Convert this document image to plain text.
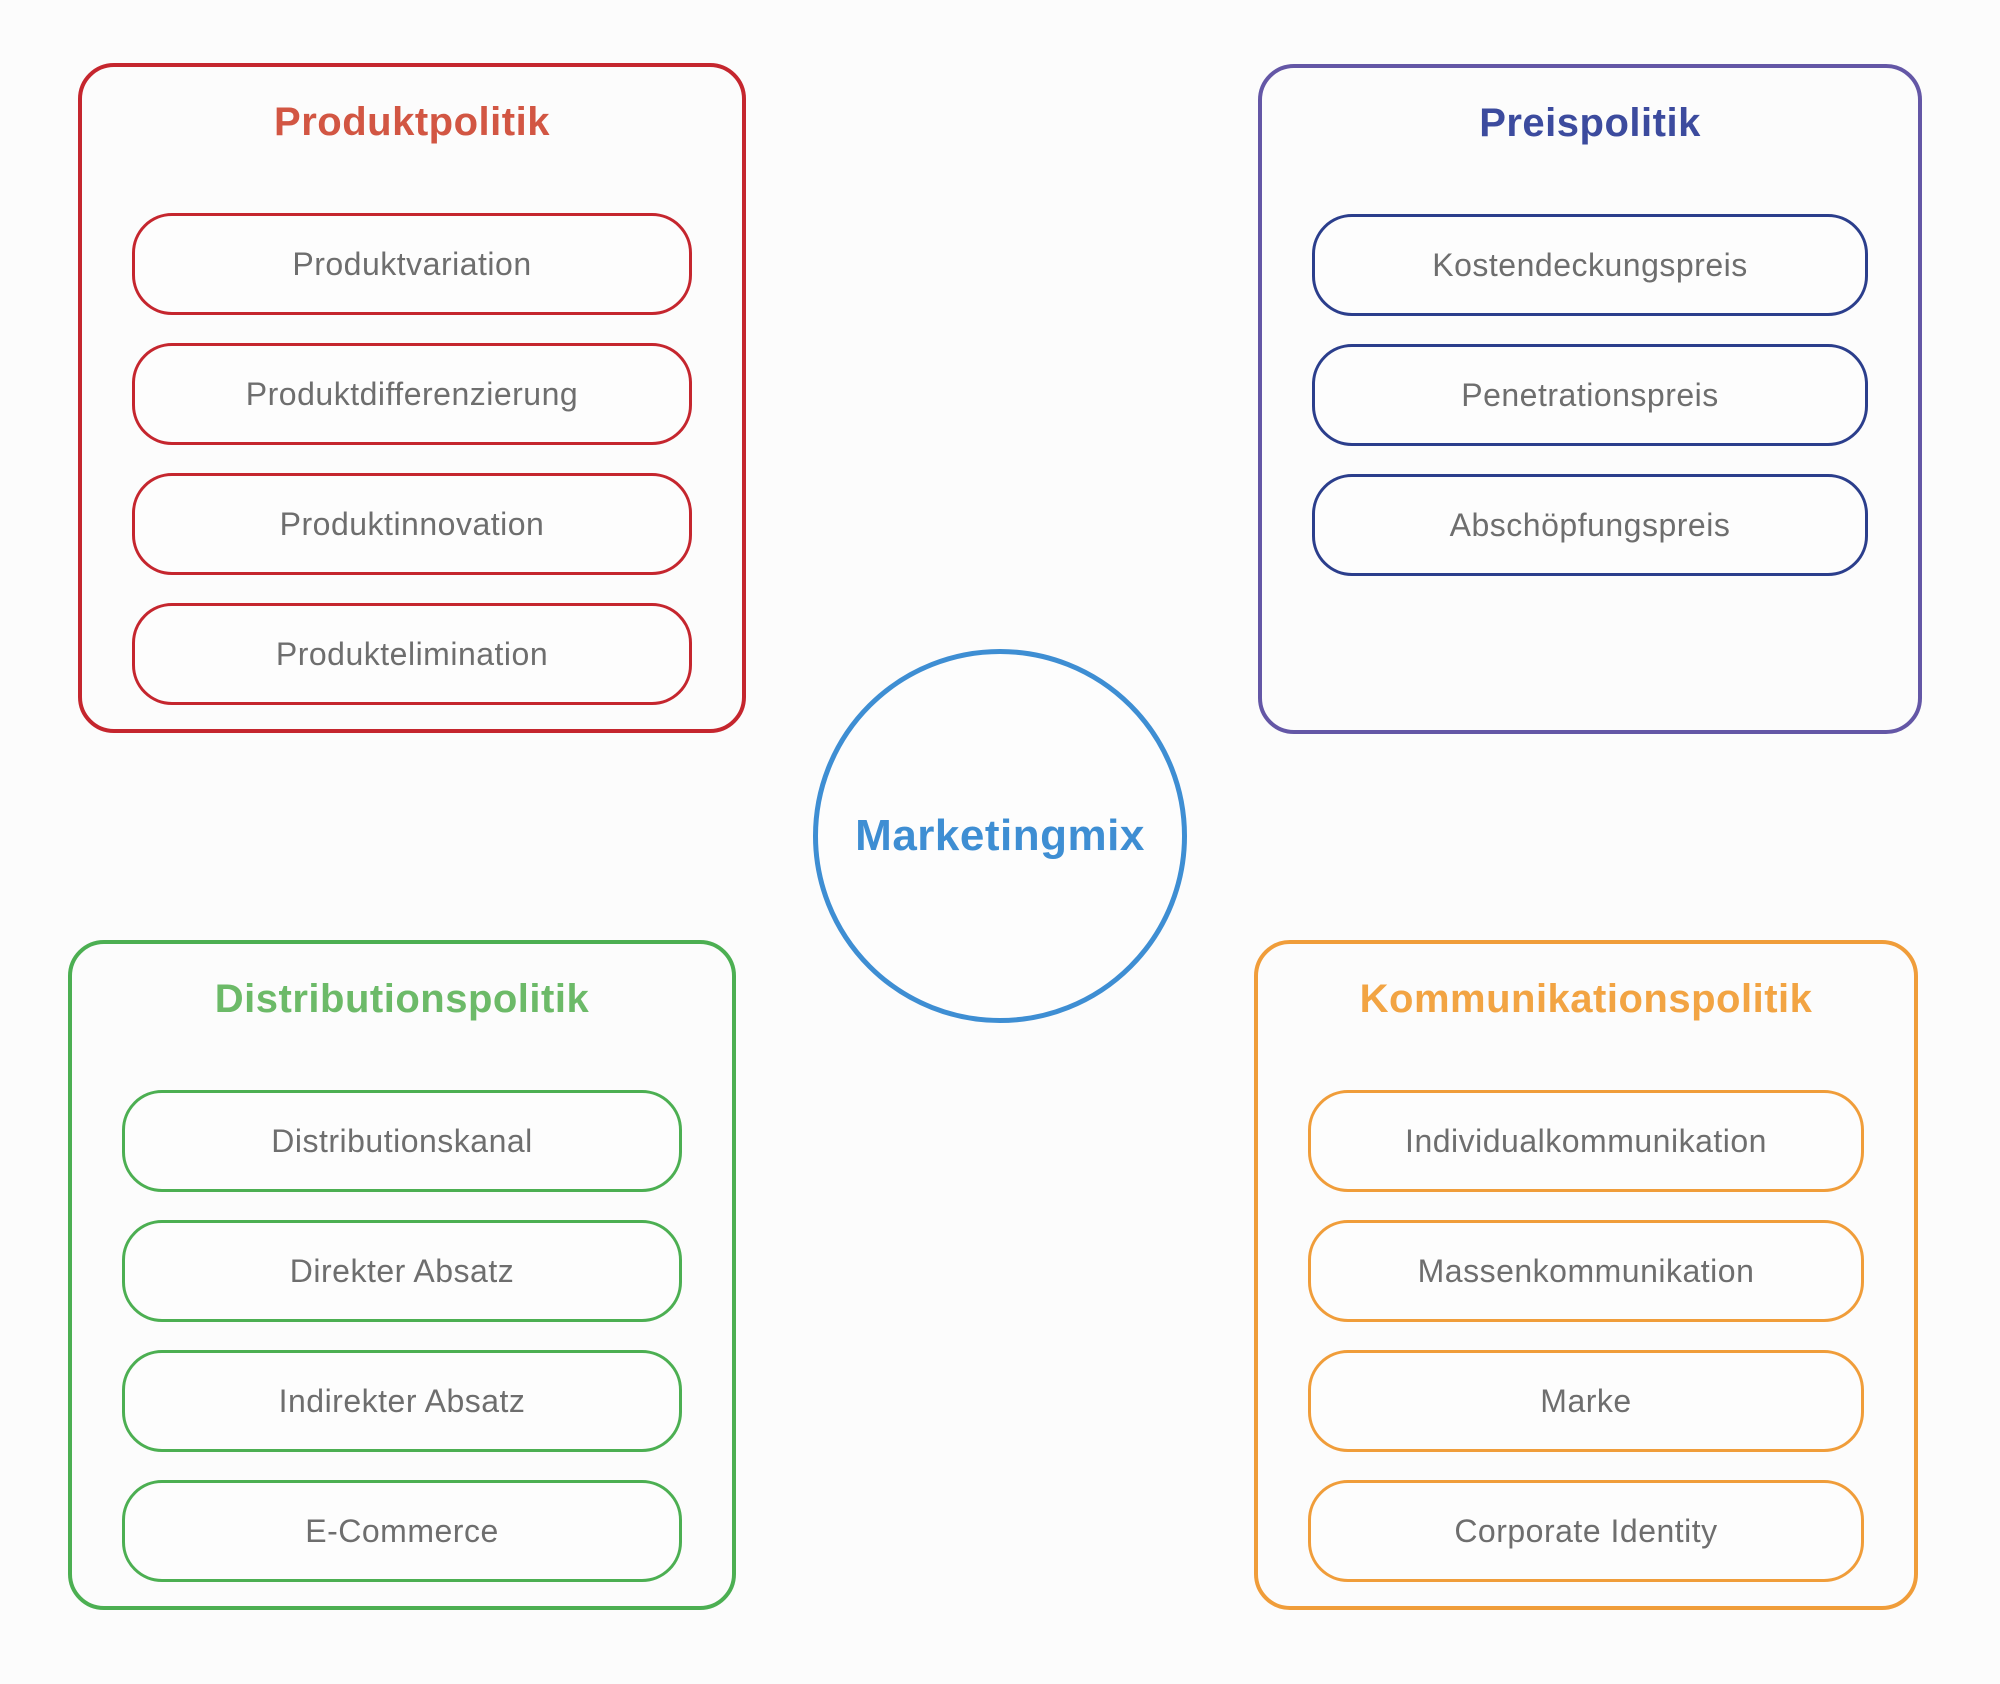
Produktpolitik
Produktvariation
Produktdifferenzierung
Produktinnovation
Produktelimination
Preispolitik
Kostendeckungspreis
Penetrationspreis
Abschöpfungspreis
Distributionspolitik
Distributionskanal
Direkter Absatz
Indirekter Absatz
E-Commerce
Kommunikationspolitik
Individualkommunikation
Massenkommunikation
Marke
Corporate Identity
Marketingmix
